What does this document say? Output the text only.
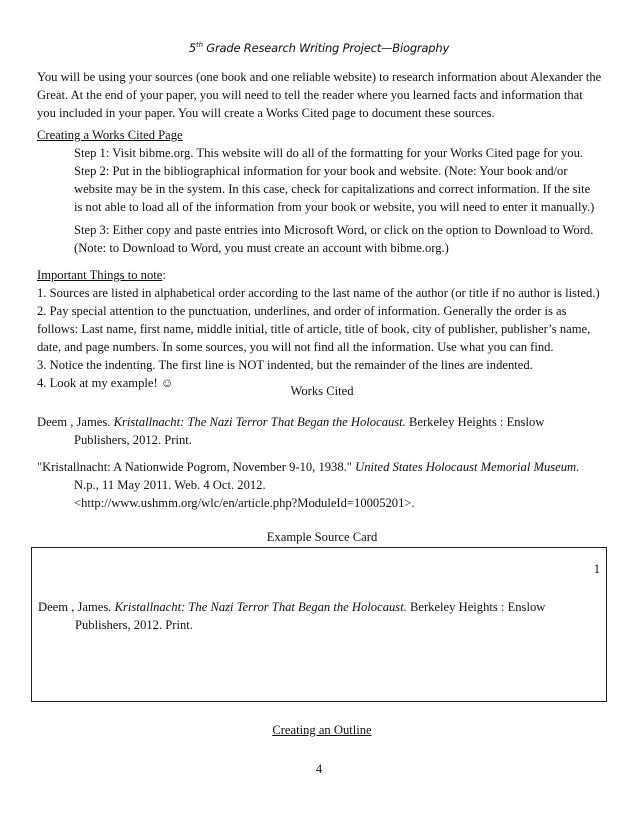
5th Grade Research Writing Project—Biography
You will be using your sources (one book and one reliable website) to research information about Alexander the
Great. At the end of your paper, you will need to tell the reader where you learned facts and information that
you included in your paper. You will create a Works Cited page to document these sources.
Creating a Works Cited Page
Step 1: Visit bibme.org. This website will do all of the formatting for your Works Cited page for you.
Step 2: Put in the bibliographical information for your book and website. (Note: Your book and/or
website may be in the system. In this case, check for capitalizations and correct information. If the site
is not able to load all of the information from your book or website, you will need to enter it manually.)
Step 3: Either copy and paste entries into Microsoft Word, or click on the option to Download to Word.
(Note: to Download to Word, you must create an account with bibme.org.)
Important Things to note:
1. Sources are listed in alphabetical order according to the last name of the author (or title if no author is listed.)
2. Pay special attention to the punctuation, underlines, and order of information. Generally the order is as
follows: Last name, first name, middle initial, title of article, title of book, city of publisher, publisher’s name,
date, and page numbers. In some sources, you will not find all the information. Use what you can find.
3. Notice the indenting. The first line is NOT indented, but the remainder of the lines are indented.
4. Look at my example! ☺
Works Cited
Deem , James. Kristallnacht: The Nazi Terror That Began the Holocaust. Berkeley Heights : Enslow
Publishers, 2012. Print.
"Kristallnacht: A Nationwide Pogrom, November 9-10, 1938." United States Holocaust Memorial Museum.
N.p., 11 May 2011. Web. 4 Oct. 2012.
<http://www.ushmm.org/wlc/en/article.php?ModuleId=10005201>.
Example Source Card
1
Deem , James. Kristallnacht: The Nazi Terror That Began the Holocaust. Berkeley Heights : Enslow
Publishers, 2012. Print.
Creating an Outline
4
